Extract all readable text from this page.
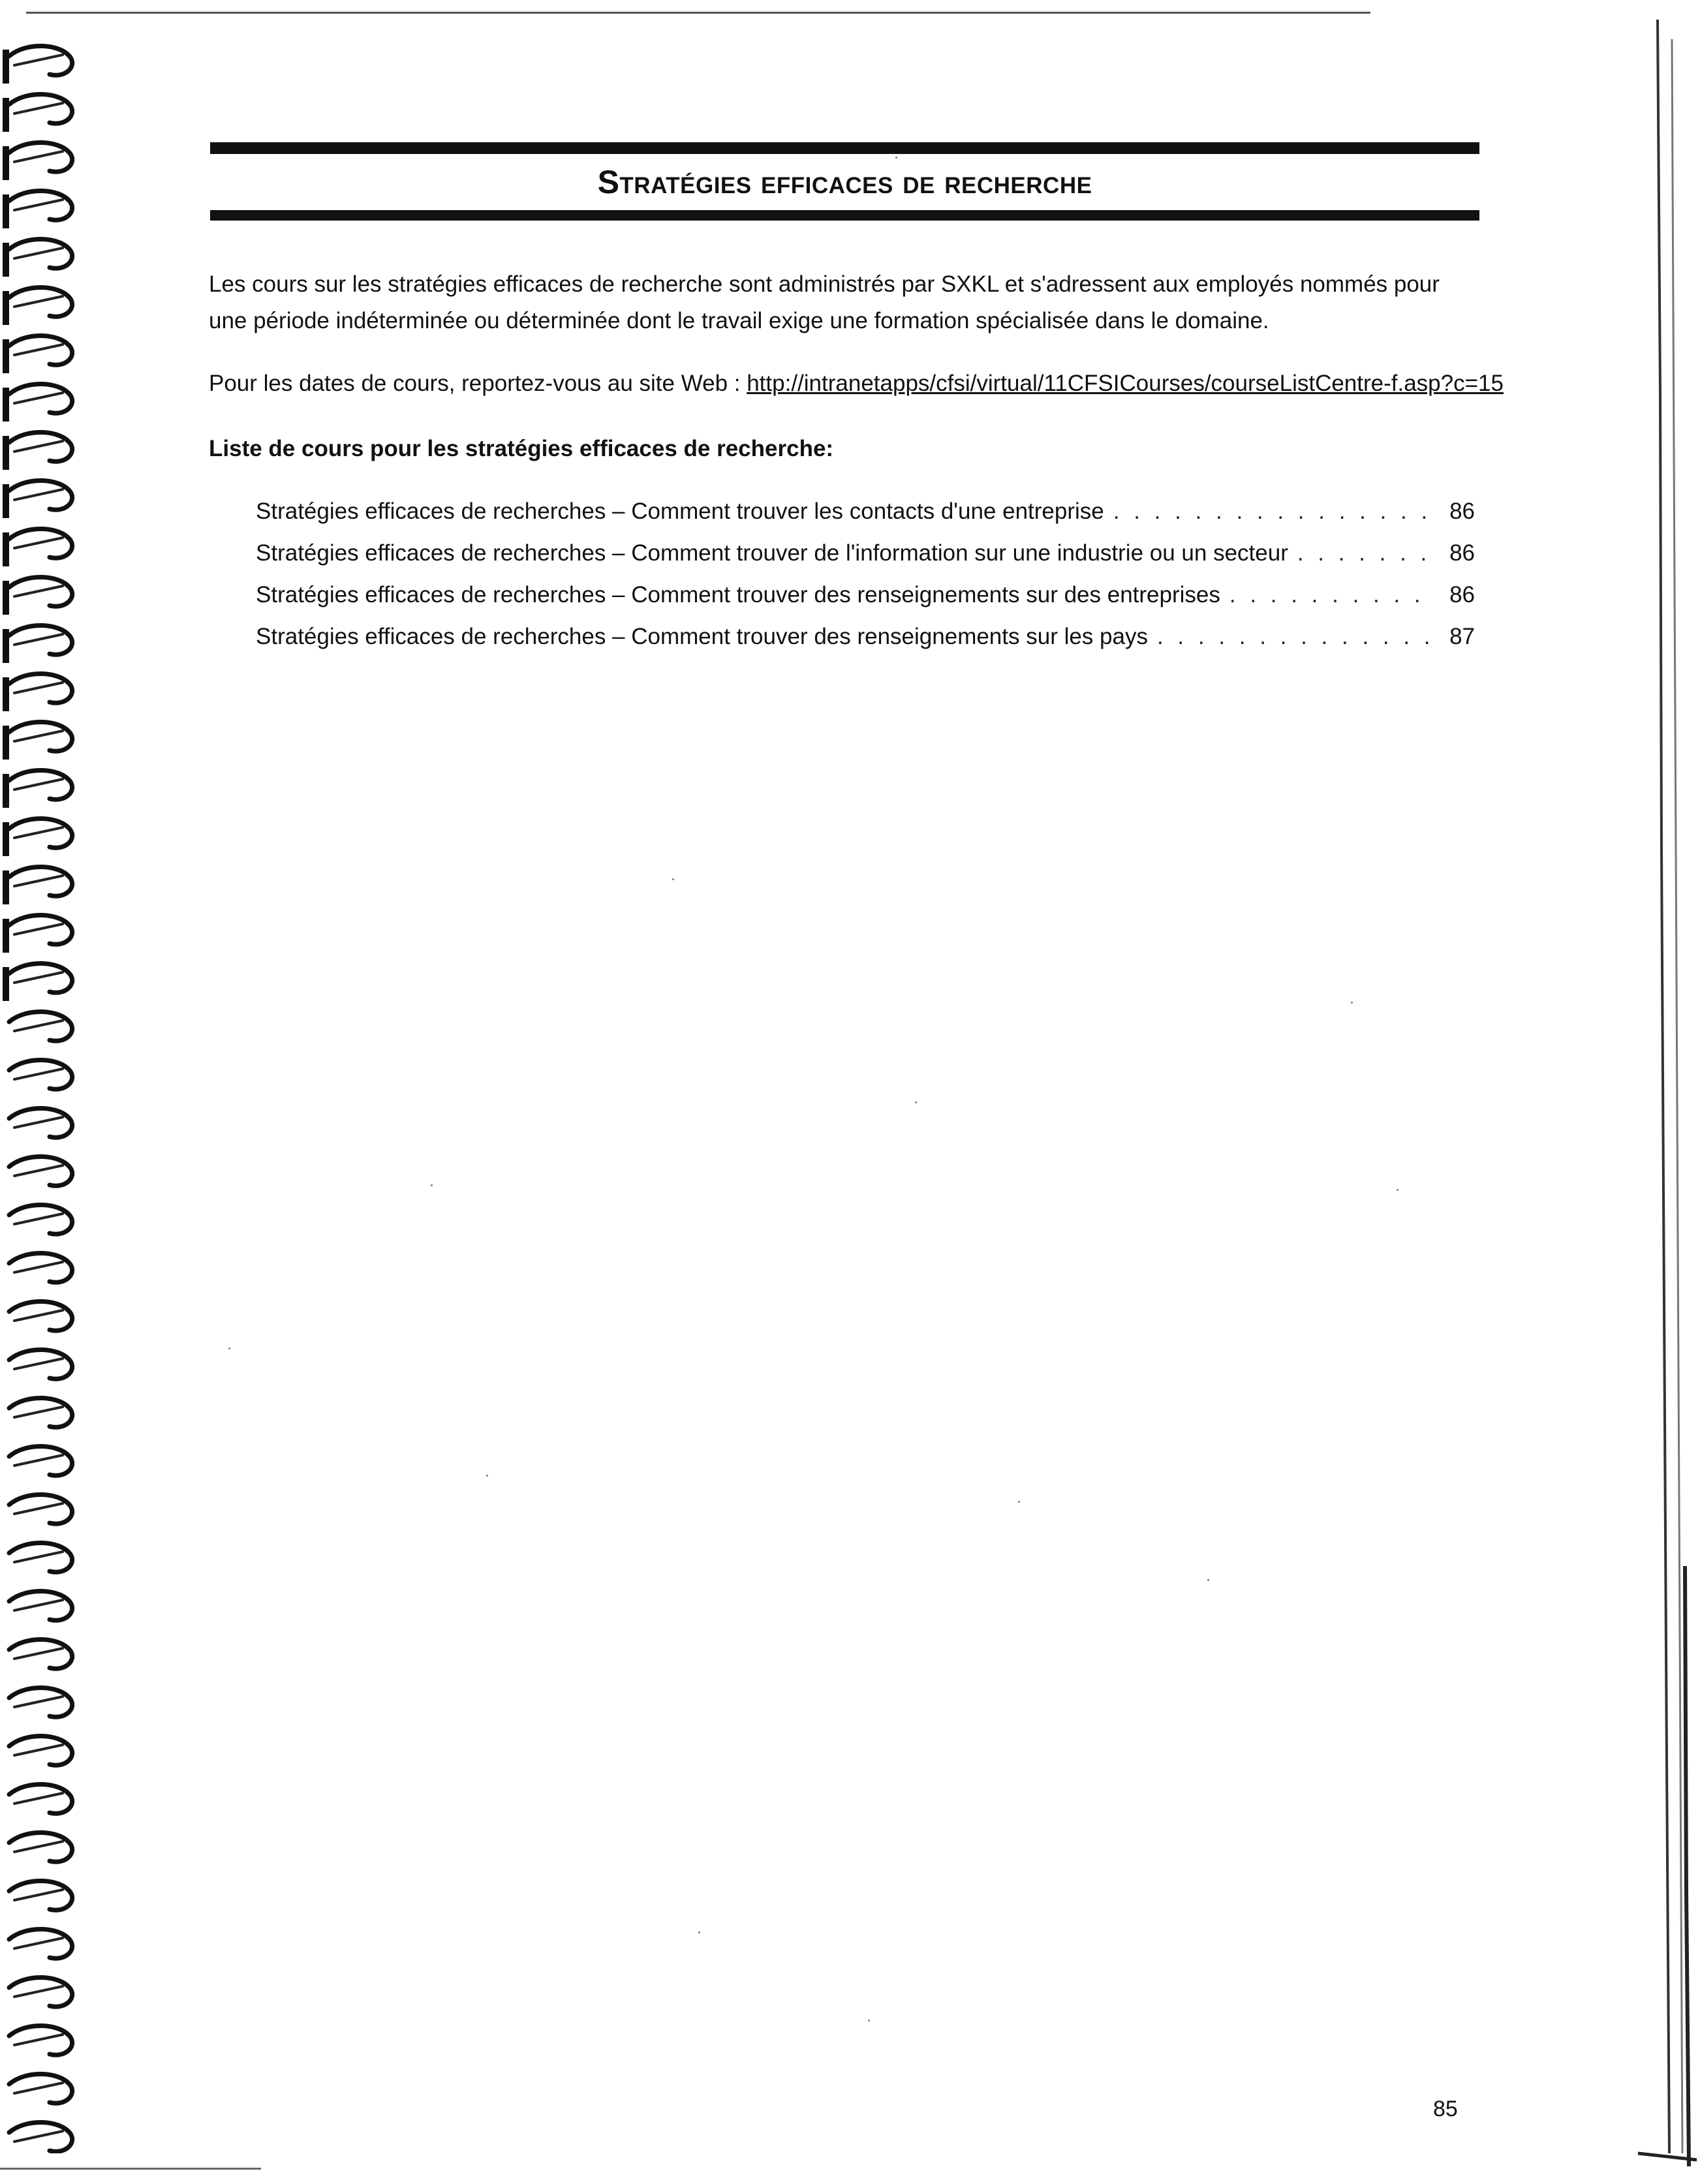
Stratégies efficaces de recherche
Les cours sur les stratégies efficaces de recherche sont administrés par SXKL et s'adressent aux employés nommés pour une période indéterminée ou déterminée dont le travail exige une formation spécialisée dans le domaine.
Pour les dates de cours, reportez-vous au site Web : http://intranetapps/cfsi/virtual/11CFSICourses/courseListCentre-f.asp?c=15
Liste de cours pour les stratégies efficaces de recherche:
Stratégies efficaces de recherches – Comment trouver les contacts d'une entreprise . . .	86
Stratégies efficaces de recherches – Comment trouver de l'information sur une industrie ou un secteur . . .	86
Stratégies efficaces de recherches – Comment trouver des renseignements sur des entreprises . . .	86
Stratégies efficaces de recherches – Comment trouver des renseignements sur les pays . . .	87
85
